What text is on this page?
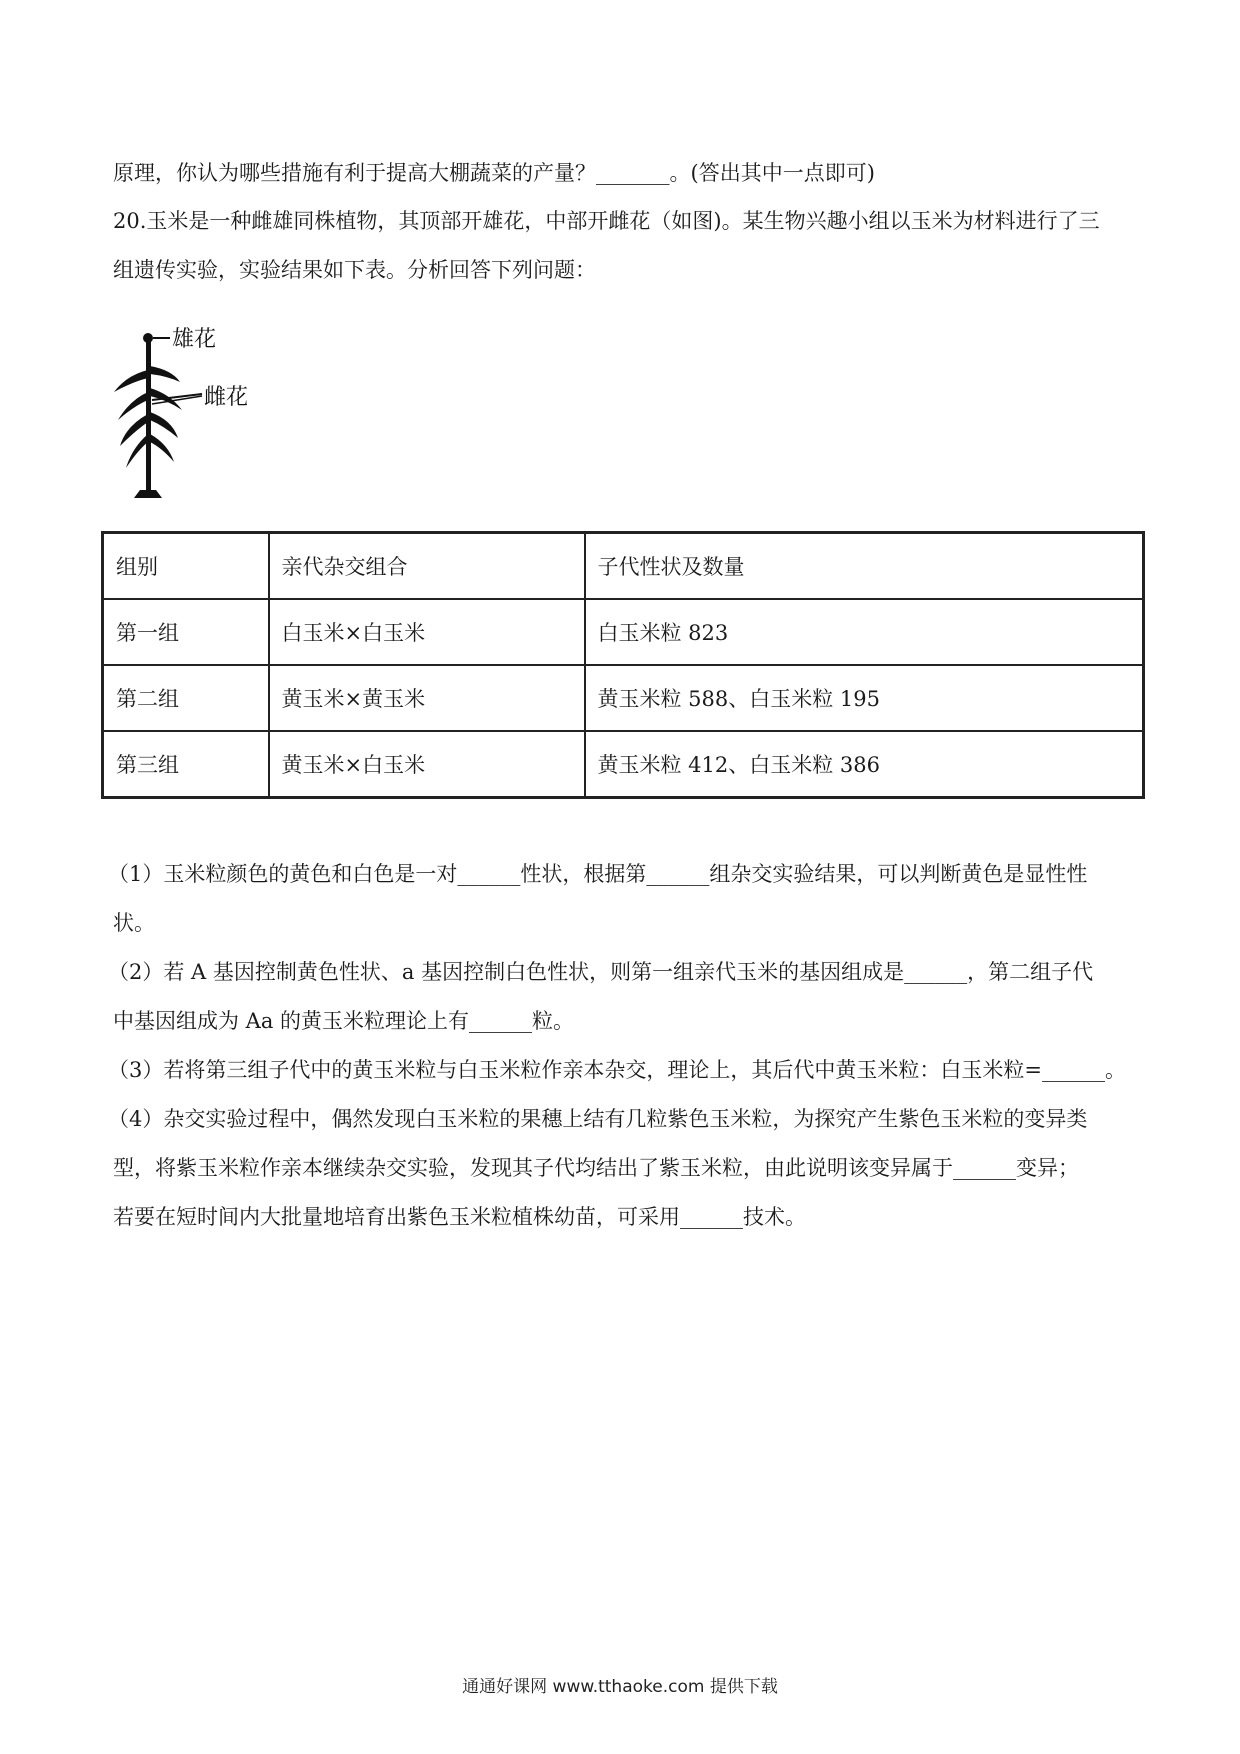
原理，你认为哪些措施有利于提高大棚蔬菜的产量？_______。(答出其中一点即可)
20.玉米是一种雌雄同株植物，其顶部开雄花，中部开雌花（如图)。某生物兴趣小组以玉米为材料进行了三
组遗传实验，实验结果如下表。分析回答下列问题：
雄花
雌花
组别	亲代杂交组合	子代性状及数量
第一组	白玉米×白玉米	白玉米粒 823
第二组	黄玉米×黄玉米	黄玉米粒 588、白玉米粒 195
第三组	黄玉米×白玉米	黄玉米粒 412、白玉米粒 386
（1）玉米粒颜色的黄色和白色是一对______性状，根据第______组杂交实验结果，可以判断黄色是显性性
状。
（2）若 A 基因控制黄色性状、a 基因控制白色性状，则第一组亲代玉米的基因组成是______，第二组子代
中基因组成为 Aa 的黄玉米粒理论上有______粒。
（3）若将第三组子代中的黄玉米粒与白玉米粒作亲本杂交，理论上，其后代中黄玉米粒：白玉米粒=______。
（4）杂交实验过程中，偶然发现白玉米粒的果穗上结有几粒紫色玉米粒，为探究产生紫色玉米粒的变异类
型，将紫玉米粒作亲本继续杂交实验，发现其子代均结出了紫玉米粒，由此说明该变异属于______变异；
若要在短时间内大批量地培育出紫色玉米粒植株幼苗，可采用______技术。
通通好课网 www.tthaoke.com 提供下载
